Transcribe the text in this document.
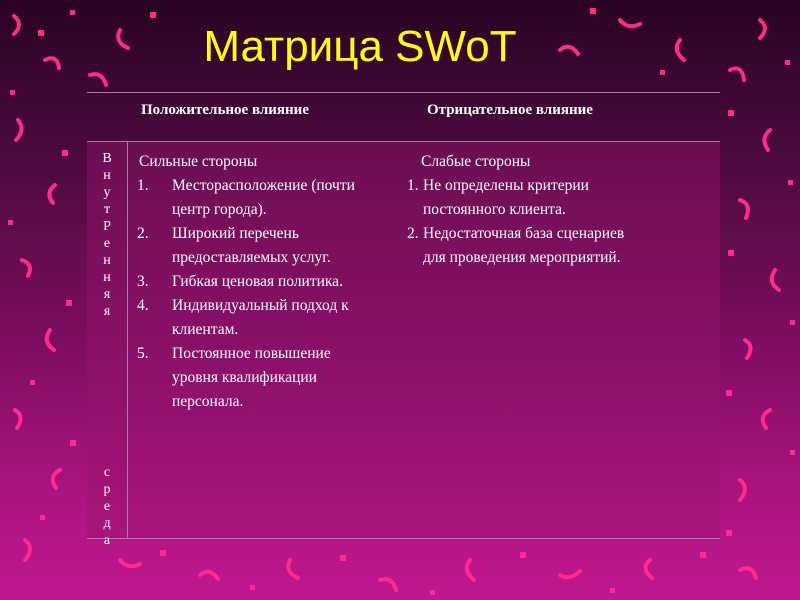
Матрица SWoT
Положительное влияние	Отрицательное влияние
В
н
у
т
Р
е
н
н
я
я
с
р
е
д
а
Сильные стороны
1. Месторасположение (почти
центр города).
2. Широкий перечень
предоставляемых услуг.
3. Гибкая ценовая политика.
4. Индивидуальный подход к
клиентам.
5. Постоянное повышение
уровня квалификации
персонала.
Слабые стороны
1. Не определены критерии
постоянного клиента.
2. Недостаточная база сценариев
для проведения мероприятий.
